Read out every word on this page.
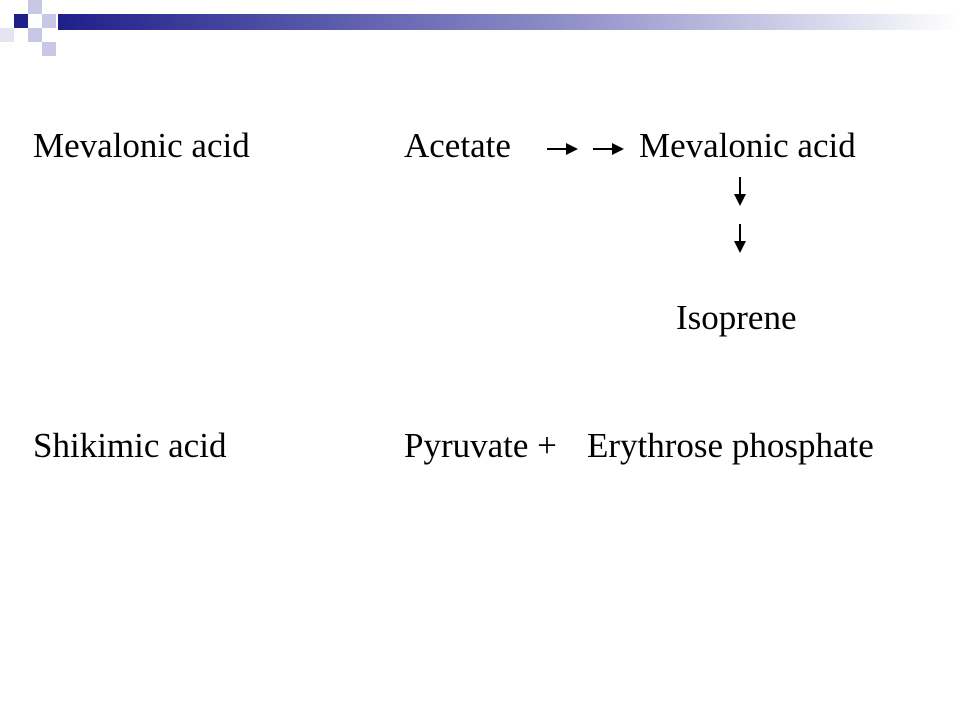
Mevalonic acid	Acetate	Mevalonic acid
Isoprene
Shikimic acid	Pyruvate + Erythrose phosphate
